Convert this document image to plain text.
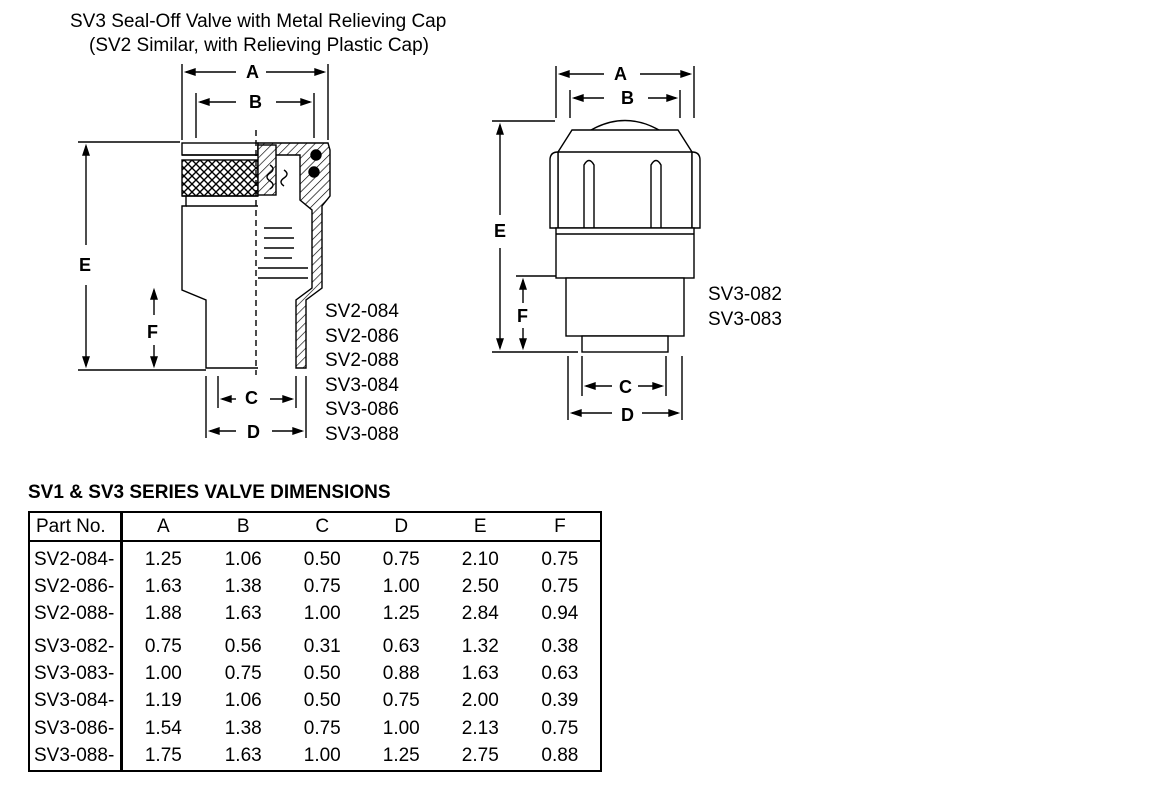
SV3 Seal-Off Valve with Metal Relieving Cap
(SV2 Similar, with Relieving Plastic Cap)
A
B
E
F
C
D
SV2-084
SV2-086
SV2-088
SV3-084
SV3-086
SV3-088
A
B
E
F
C
D
SV3-082
SV3-083
SV1 & SV3 SERIES VALVE DIMENSIONS
Part No.	A	B	C	D	E	F
SV2-084-	1.25	1.06	0.50	0.75	2.10	0.75
SV2-086-	1.63	1.38	0.75	1.00	2.50	0.75
SV2-088-	1.88	1.63	1.00	1.25	2.84	0.94
SV3-082-	0.75	0.56	0.31	0.63	1.32	0.38
SV3-083-	1.00	0.75	0.50	0.88	1.63	0.63
SV3-084-	1.19	1.06	0.50	0.75	2.00	0.39
SV3-086-	1.54	1.38	0.75	1.00	2.13	0.75
SV3-088-	1.75	1.63	1.00	1.25	2.75	0.88
